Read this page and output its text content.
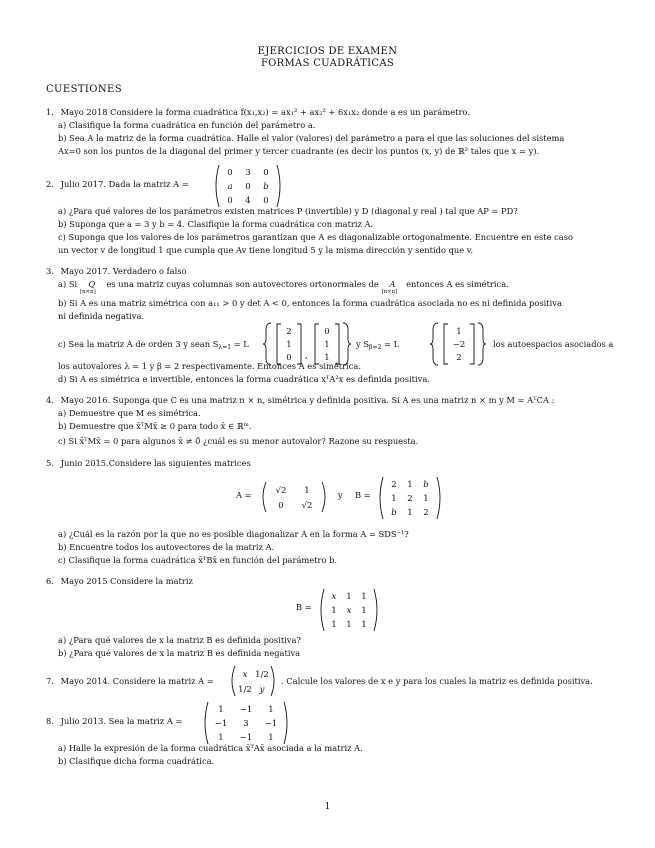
EJERCICIOS DE EXAMEN
FORMAS CUADRÁTICAS
CUESTIONES
1. Mayo 2018 Considere la forma cuadrática f(x₁,x₂) = ax₁² + ax₂² + 6x₁x₂ donde a es un parámetro.
a) Clasifique la forma cuadrática en función del parámetro a.
b) Sea A la matriz de la forma cuadrática. Halle el valor (valores) del parámetro a para el que las soluciones del sistema
Ax=0 son los puntos de la diagonal del primer y tercer cuadrante (es decir los puntos (x, y) de ℝ² tales que x = y).
2. Julio 2017. Dada la matriz A =
0 3 0
a 0 b
0 4 0
a) ¿Para qué valores de los parámetros existen matrices P (invertible) y D (diagonal y real ) tal que AP = PD?
b) Suponga que a = 3 y b = 4. Clasifique la forma cuadrática con matriz A.
c) Suponga que los valores de los parámetros garantizan que A es diagonalizable ortogonalmente. Encuentre en este caso
un vector v de longitud 1 que cumpla que Av tiene longitud 5 y la misma dirección y sentido que v.
3. Mayo 2017. Verdadero o falso
a) Si Q
[n×n]
es una matriz cuyas columnas son autovectores ortonormales de A
[n×n]
entonces A es simétrica.
b) Si A es una matriz simétrica con a₁₁ > 0 y det A < 0, entonces la forma cuadrática asociada no es ni definida positiva
ni definida negativa.
c) Sea la matriz A de orden 3 y sean $S_{\lambda=1} = L$
2
1
0 ,
0
1
1
y $S_{\beta=2} = L$
1
−2
2
los autoespacios asociados a
los autovalores λ = 1 y β = 2 respectivamente. Entonces A es simétrica.
d) Si A es simétrica e invertible, entonces la forma cuadrática xᵀA²x es definida positiva.
4. Mayo 2016. Suponga que C es una matriz n × n, simétrica y definida positiva. Si A es una matriz n × m y M = AᵀCA :
a) Demuestre que M es simétrica.
b) Demuestre que x̄ᵀMx̄ ≥ 0 para todo x̄ ∈ ℝᵐ.
c) Si x̄ᵀMx̄ = 0 para algunos x̄ ≠ 0̄ ¿cuál es su menor autovalor? Razone su respuesta.
5. Junio 2015.Considere las siguientes matrices
A =	√2 1
0 √2
y B =
2 1 b
1 2 1
b 1 2
a) ¿Cuál es la razón por la que no es posible diagonalizar A en la forma A = SDS⁻¹?
b) Encuentre todos los autovectores de la matriz A.
c) Clasifique la forma cuadrática x̄ᵀBx̄ en función del parámetro b.
6. Mayo 2015 Considere la matriz
B =
x 1 1
1 x 1
1 1 1
a) ¿Para qué valores de x la matriz B es definida positiva?
b) ¿Para qué valores de x la matriz B es definida negativa
7. Mayo 2014. Considere la matriz A =
x 1/2
1/2 y
. Calcule los valores de x e y para los cuales la matriz es definida positiva.
8. Julio 2013. Sea la matriz A =
1 −1 1
−1 3 −1
1 −1 1
a) Halle la expresión de la forma cuadrática x̄ᵀAx̄ asociada a la matriz A.
b) Clasifique dicha forma cuadrática.
1
